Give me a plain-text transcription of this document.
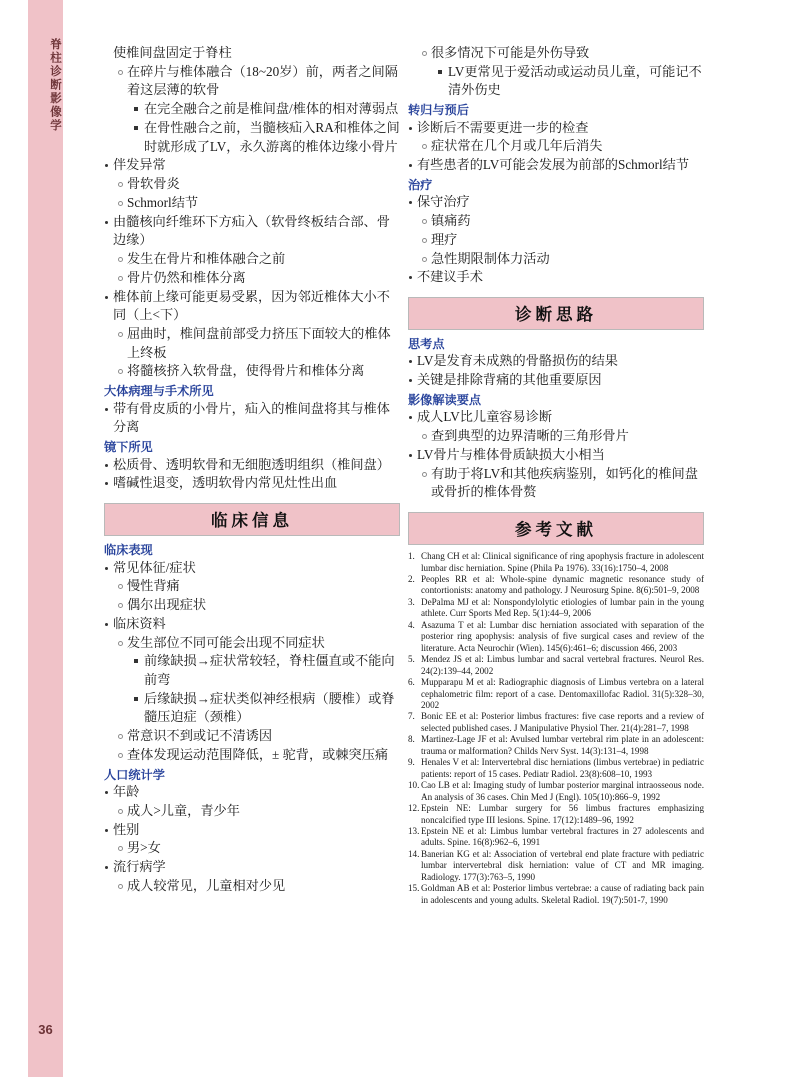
脊柱诊断影像学
36
使椎间盘固定于脊柱
在碎片与椎体融合（18~20岁）前，两者之间隔着这层薄的软骨
在完全融合之前是椎间盘/椎体的相对薄弱点
在骨性融合之前，当髓核疝入RA和椎体之间时就形成了LV，永久游离的椎体边缘小骨片
伴发异常
骨软骨炎
Schmorl结节
由髓核向纤维环下方疝入（软骨终板结合部、骨边缘）
发生在骨片和椎体融合之前
骨片仍然和椎体分离
椎体前上缘可能更易受累，因为邻近椎体大小不同（上<下）
屈曲时，椎间盘前部受力挤压下面较大的椎体上终板
将髓核挤入软骨盘，使得骨片和椎体分离
大体病理与手术所见
带有骨皮质的小骨片，疝入的椎间盘将其与椎体分离
镜下所见
松质骨、透明软骨和无细胞透明组织（椎间盘）
嗜碱性退变，透明软骨内常见灶性出血
临床信息
临床表现
常见体征/症状
慢性背痛
偶尔出现症状
临床资料
发生部位不同可能会出现不同症状
前缘缺损→症状常较轻，脊柱僵直或不能向前弯
后缘缺损→症状类似神经根病（腰椎）或脊髓压迫症（颈椎）
常意识不到或记不清诱因
查体发现运动范围降低，± 驼背，或棘突压痛
人口统计学
年龄
成人>儿童，青少年
性别
男>女
流行病学
成人较常见，儿童相对少见
很多情况下可能是外伤导致
LV更常见于爱活动或运动员儿童，可能记不清外伤史
转归与预后
诊断后不需要更进一步的检查
症状常在几个月或几年后消失
有些患者的LV可能会发展为前部的Schmorl结节
治疗
保守治疗
镇痛药
理疗
急性期限制体力活动
不建议手术
诊断思路
思考点
LV是发育未成熟的骨骼损伤的结果
关键是排除背痛的其他重要原因
影像解读要点
成人LV比儿童容易诊断
查到典型的边界清晰的三角形骨片
LV骨片与椎体骨质缺损大小相当
有助于将LV和其他疾病鉴别，如钙化的椎间盘或骨折的椎体骨赘
参考文献
1. Chang CH et al: Clinical significance of ring apophysis fracture in adolescent lumbar disc herniation. Spine (Phila Pa 1976). 33(16):1750–4, 2008
2. Peoples RR et al: Whole-spine dynamic magnetic resonance study of contortionists: anatomy and pathology. J Neurosurg Spine. 8(6):501–9, 2008
3. DePalma MJ et al: Nonspondylolytic etiologies of lumbar pain in the young athlete. Curr Sports Med Rep. 5(1):44–9, 2006
4. Asazuma T et al: Lumbar disc herniation associated with separation of the posterior ring apophysis: analysis of five surgical cases and review of the literature. Acta Neurochir (Wien). 145(6):461–6; discussion 466, 2003
5. Mendez JS et al: Limbus lumbar and sacral vertebral fractures. Neurol Res. 24(2):139–44, 2002
6. Mupparapu M et al: Radiographic diagnosis of Limbus vertebra on a lateral cephalometric film: report of a case. Dentomaxillofac Radiol. 31(5):328–30, 2002
7. Bonic EE et al: Posterior limbus fractures: five case reports and a review of selected published cases. J Manipulative Physiol Ther. 21(4):281–7, 1998
8. Martinez-Lage JF et al: Avulsed lumbar vertebral rim plate in an adolescent: trauma or malformation? Childs Nerv Syst. 14(3):131–4, 1998
9. Henales V et al: Intervertebral disc herniations (limbus vertebrae) in pediatric patients: report of 15 cases. Pediatr Radiol. 23(8):608–10, 1993
10. Cao LB et al: Imaging study of lumbar posterior marginal intraosseous node. An analysis of 36 cases. Chin Med J (Engl). 105(10):866–9, 1992
12. Epstein NE: Lumbar surgery for 56 limbus fractures emphasizing noncalcified type III lesions. Spine. 17(12):1489–96, 1992
13. Epstein NE et al: Limbus lumbar vertebral fractures in 27 adolescents and adults. Spine. 16(8):962–6, 1991
14. Banerian KG et al: Association of vertebral end plate fracture with pediatric lumbar intervertebral disk herniation: value of CT and MR imaging. Radiology. 177(3):763–5, 1990
15. Goldman AB et al: Posterior limbus vertebrae: a cause of radiating back pain in adolescents and young adults. Skeletal Radiol. 19(7):501-7, 1990
